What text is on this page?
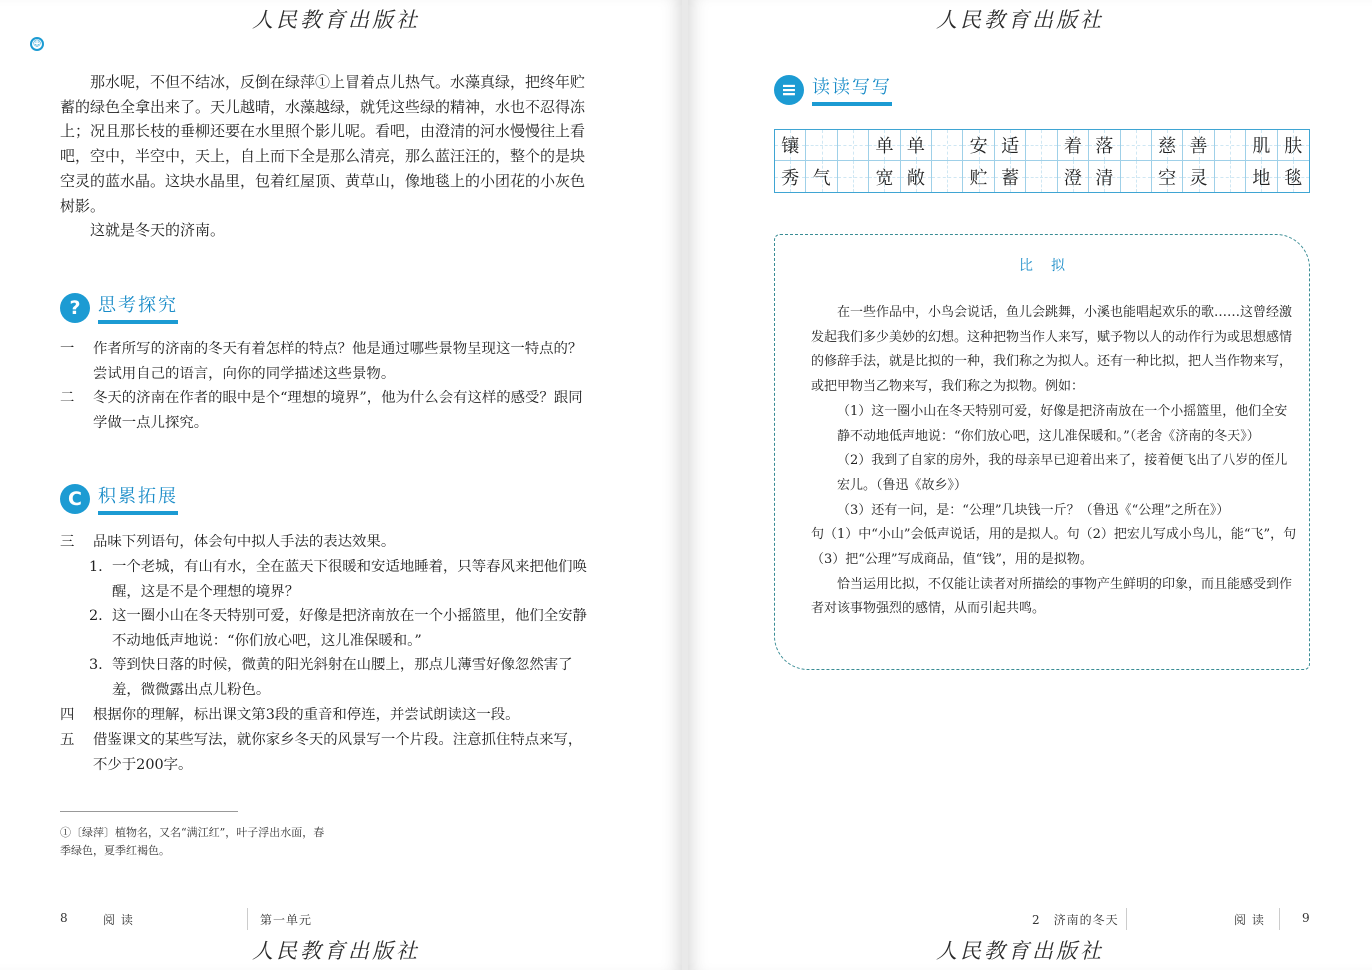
人民教育出版社
☺

那水呢，不但不结冰，反倒在绿萍①上冒着点儿热气。水藻真绿，把终年贮蓄的绿色全拿出来了。天儿越晴，水藻越绿，就凭这些绿的精神，水也不忍得冻上；况且那长枝的垂柳还要在水里照个影儿呢。看吧，由澄清的河水慢慢往上看吧，空中，半空中，天上，自上而下全是那么清亮，那么蓝汪汪的，整个的是块空灵的蓝水晶。这块水晶里，包着红屋顶、黄草山，像地毯上的小团花的小灰色树影。

这就是冬天的济南。

? 思考探究
一 作者所写的济南的冬天有着怎样的特点？他是通过哪些景物呈现这一特点的？尝试用自己的语言，向你的同学描述这些景物。
二 冬天的济南在作者的眼中是个“理想的境界”，他为什么会有这样的感受？跟同学做一点儿探究。
C 积累拓展
三 品味下列语句，体会句中拟人手法的表达效果。
1. 一个老城，有山有水，全在蓝天下很暖和安适地睡着，只等春风来把他们唤醒，这是不是个理想的境界？
2. 这一圈小山在冬天特别可爱，好像是把济南放在一个小摇篮里，他们全安静不动地低声地说：“你们放心吧，这儿准保暖和。”
3. 等到快日落的时候，微黄的阳光斜射在山腰上，那点儿薄雪好像忽然害了羞，微微露出点儿粉色。
四 根据你的理解，标出课文第3段的重音和停连，并尝试朗读这一段。
五 借鉴课文的某些写法，就你家乡冬天的风景写一个片段。注意抓住特点来写，不少于200字。
①〔绿萍〕植物名，又名“满江红”，叶子浮出水面，春季绿色，夏季红褐色。
8	阅 读	第一单元
人民教育出版社
人民教育出版社
≡ 读读写写
镶	单 单 安 适 着 落 慈 善 肌 肤
秀 气 宽 敞 贮 蓄 澄 清 空 灵 地 毯
比拟

在一些作品中，小鸟会说话，鱼儿会跳舞，小溪也能唱起欢乐的歌……这曾经激发起我们多少美妙的幻想。这种把物当作人来写，赋予物以人的动作行为或思想感情的修辞手法，就是比拟的一种，我们称之为拟人。还有一种比拟，把人当作物来写，或把甲物当乙物来写，我们称之为拟物。例如：

（1）这一圈小山在冬天特别可爱，好像是把济南放在一个小摇篮里，他们全安静不动地低声地说：“你们放心吧，这儿准保暖和。”（老舍《济南的冬天》）

（2）我到了自家的房外，我的母亲早已迎着出来了，接着便飞出了八岁的侄儿宏儿。（鲁迅《故乡》）

（3）还有一问，是：“公理”几块钱一斤？（鲁迅《“公理”之所在》）

句（1）中“小山”会低声说话，用的是拟人。句（2）把宏儿写成小鸟儿，能“飞”，句（3）把“公理”写成商品，值“钱”，用的是拟物。

恰当运用比拟，不仅能让读者对所描绘的事物产生鲜明的印象，而且能感受到作者对该事物强烈的感情，从而引起共鸣。

2　济南的冬天	阅 读	9
人民教育出版社
